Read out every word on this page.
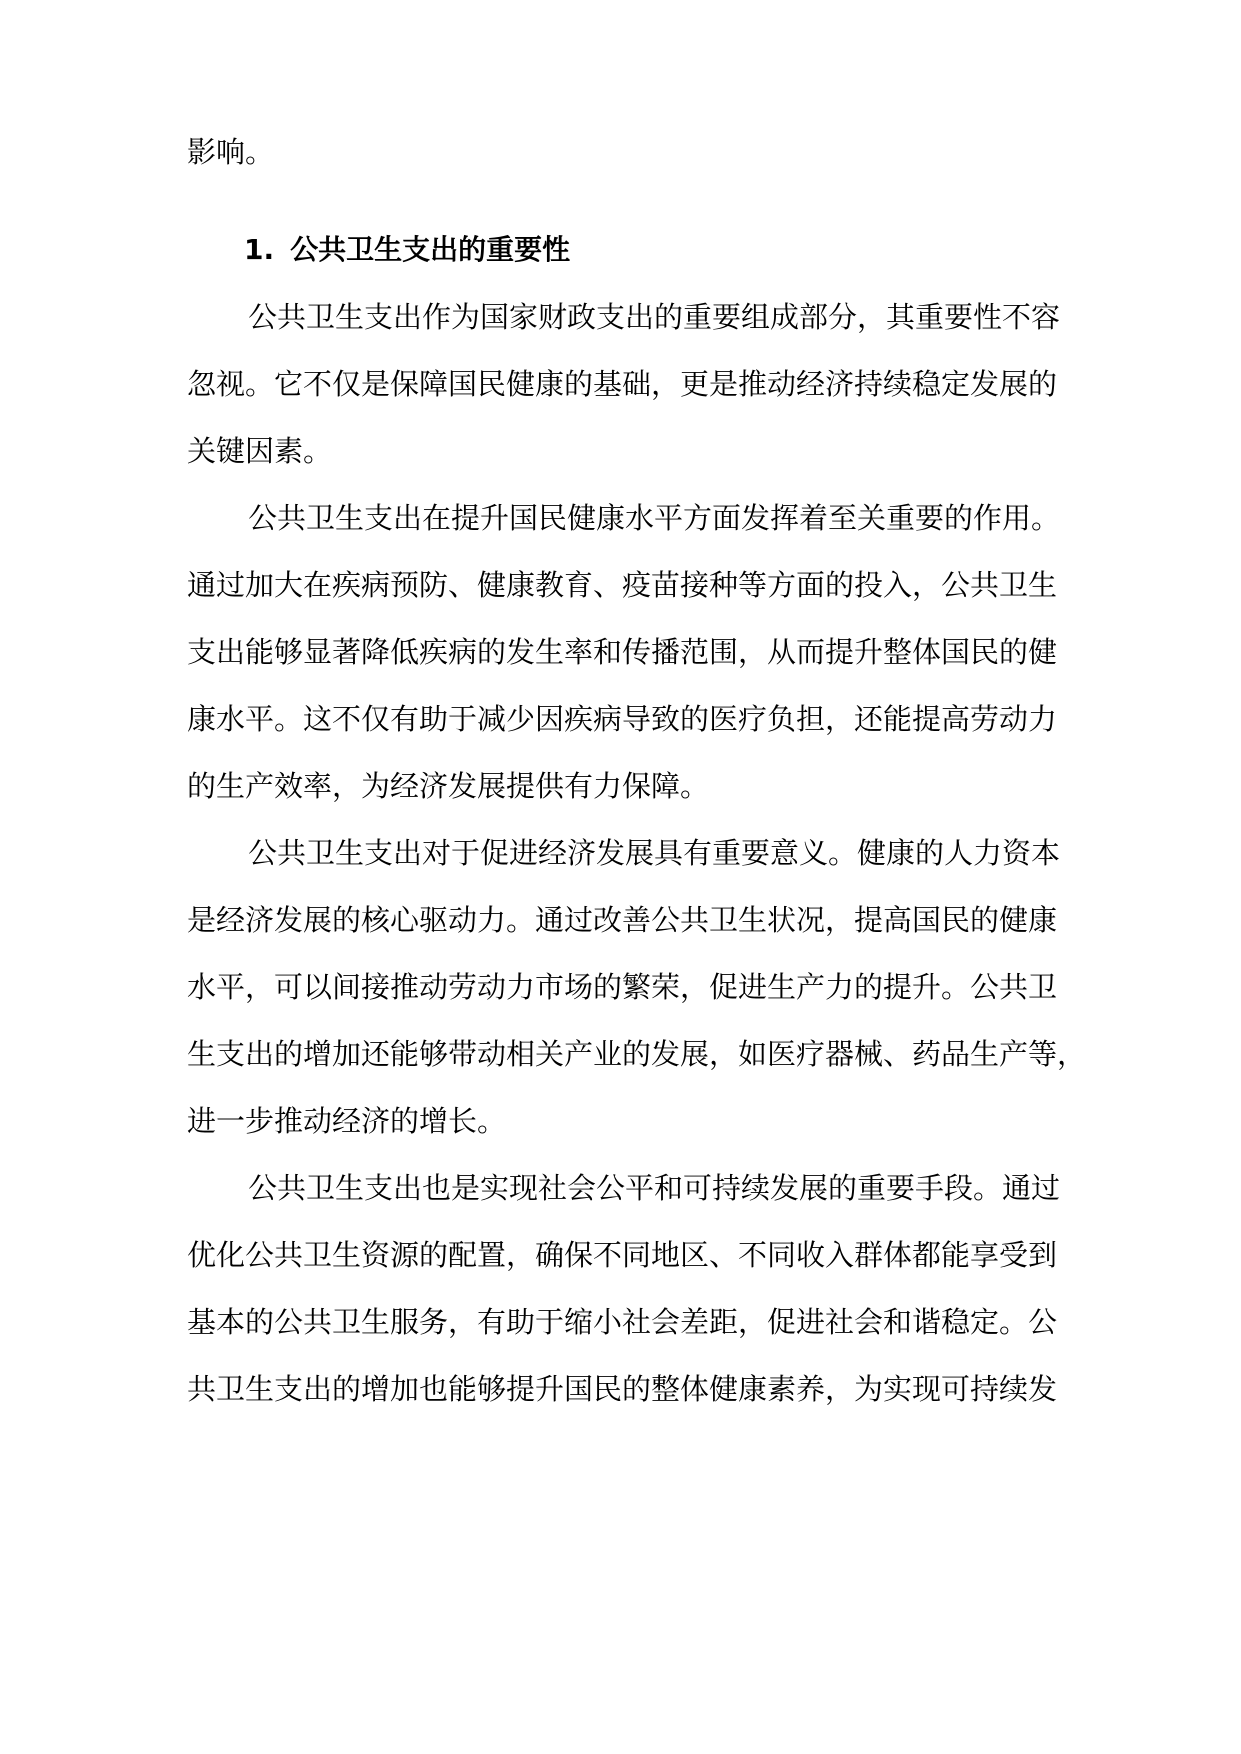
影响。

1. 公共卫生支出的重要性

公共卫生支出作为国家财政支出的重要组成部分，其重要性不容

忽视。它不仅是保障国民健康的基础，更是推动经济持续稳定发展的

关键因素。

公共卫生支出在提升国民健康水平方面发挥着至关重要的作用。

通过加大在疾病预防、健康教育、疫苗接种等方面的投入，公共卫生

支出能够显著降低疾病的发生率和传播范围，从而提升整体国民的健

康水平。这不仅有助于减少因疾病导致的医疗负担，还能提高劳动力

的生产效率，为经济发展提供有力保障。

公共卫生支出对于促进经济发展具有重要意义。健康的人力资本

是经济发展的核心驱动力。通过改善公共卫生状况，提高国民的健康

水平，可以间接推动劳动力市场的繁荣，促进生产力的提升。公共卫

生支出的增加还能够带动相关产业的发展，如医疗器械、药品生产等，

进一步推动经济的增长。

公共卫生支出也是实现社会公平和可持续发展的重要手段。通过

优化公共卫生资源的配置，确保不同地区、不同收入群体都能享受到

基本的公共卫生服务，有助于缩小社会差距，促进社会和谐稳定。公

共卫生支出的增加也能够提升国民的整体健康素养，为实现可持续发
